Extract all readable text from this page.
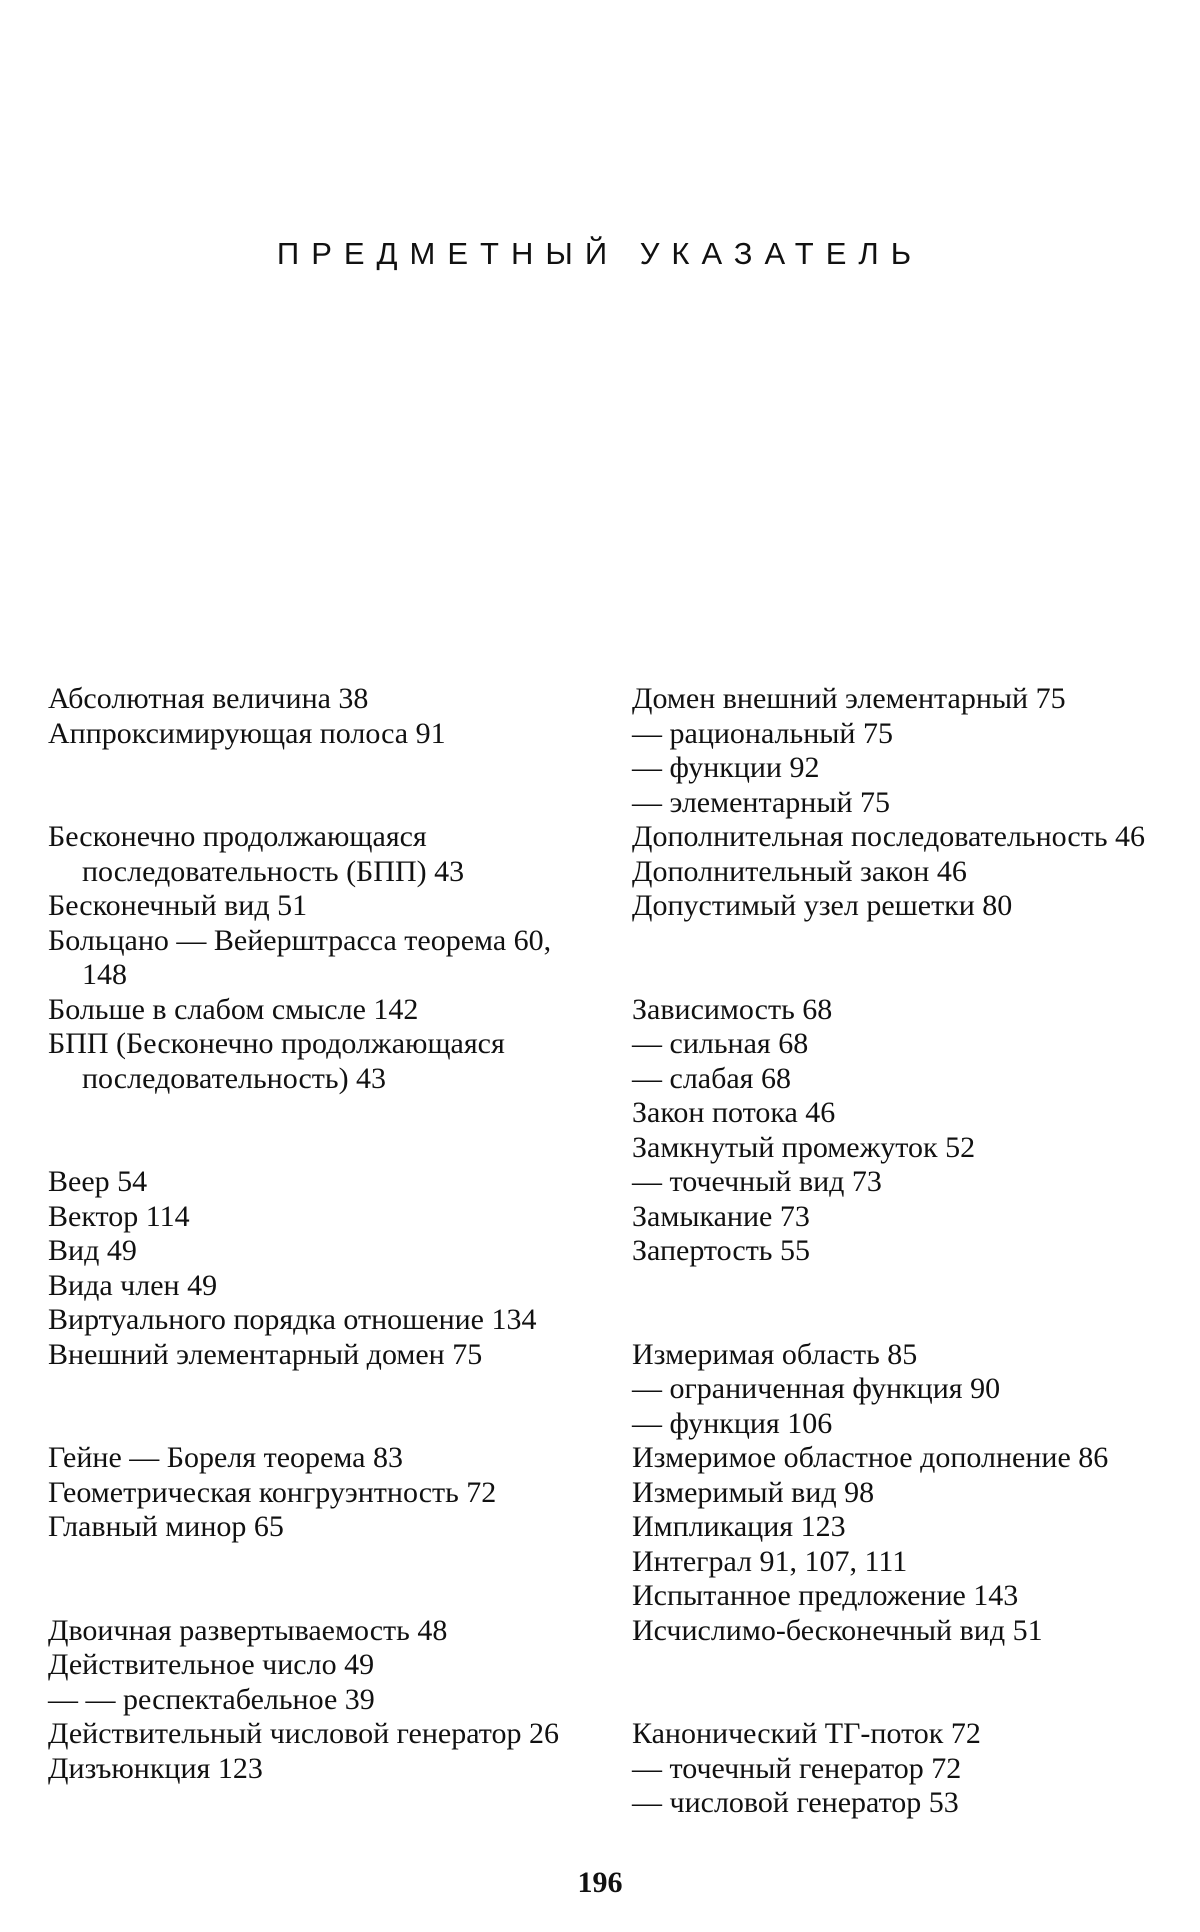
ПРЕДМЕТНЫЙ УКАЗАТЕЛЬ
Абсолютная величина 38
Аппроксимирующая полоса 91
Бесконечно продолжающаяся последовательность (БПП) 43
Бесконечный вид 51
Больцано — Вейерштрасса теорема 60, 148
Больше в слабом смысле 142
БПП (Бесконечно продолжающаяся последовательность) 43
Веер 54
Вектор 114
Вид 49
Вида член 49
Виртуального порядка отношение 134
Внешний элементарный домен 75
Гейне — Бореля теорема 83
Геометрическая конгруэнтность 72
Главный минор 65
Двоичная развертываемость 48
Действительное число 49
— — респектабельное 39
Действительный числовой генератор 26
Дизъюнкция 123
Домен внешний элементарный 75
— рациональный 75
— функции 92
— элементарный 75
Дополнительная последовательность 46
Дополнительный закон 46
Допустимый узел решетки 80
Зависимость 68
— сильная 68
— слабая 68
Закон потока 46
Замкнутый промежуток 52
— точечный вид 73
Замыкание 73
Запертость 55
Измеримая область 85
— ограниченная функция 90
— функция 106
Измеримое областное дополнение 86
Измеримый вид 98
Импликация 123
Интеграл 91, 107, 111
Испытанное предложение 143
Исчислимо-бесконечный вид 51
Канонический ТГ-поток 72
— точечный генератор 72
— числовой генератор 53
196
